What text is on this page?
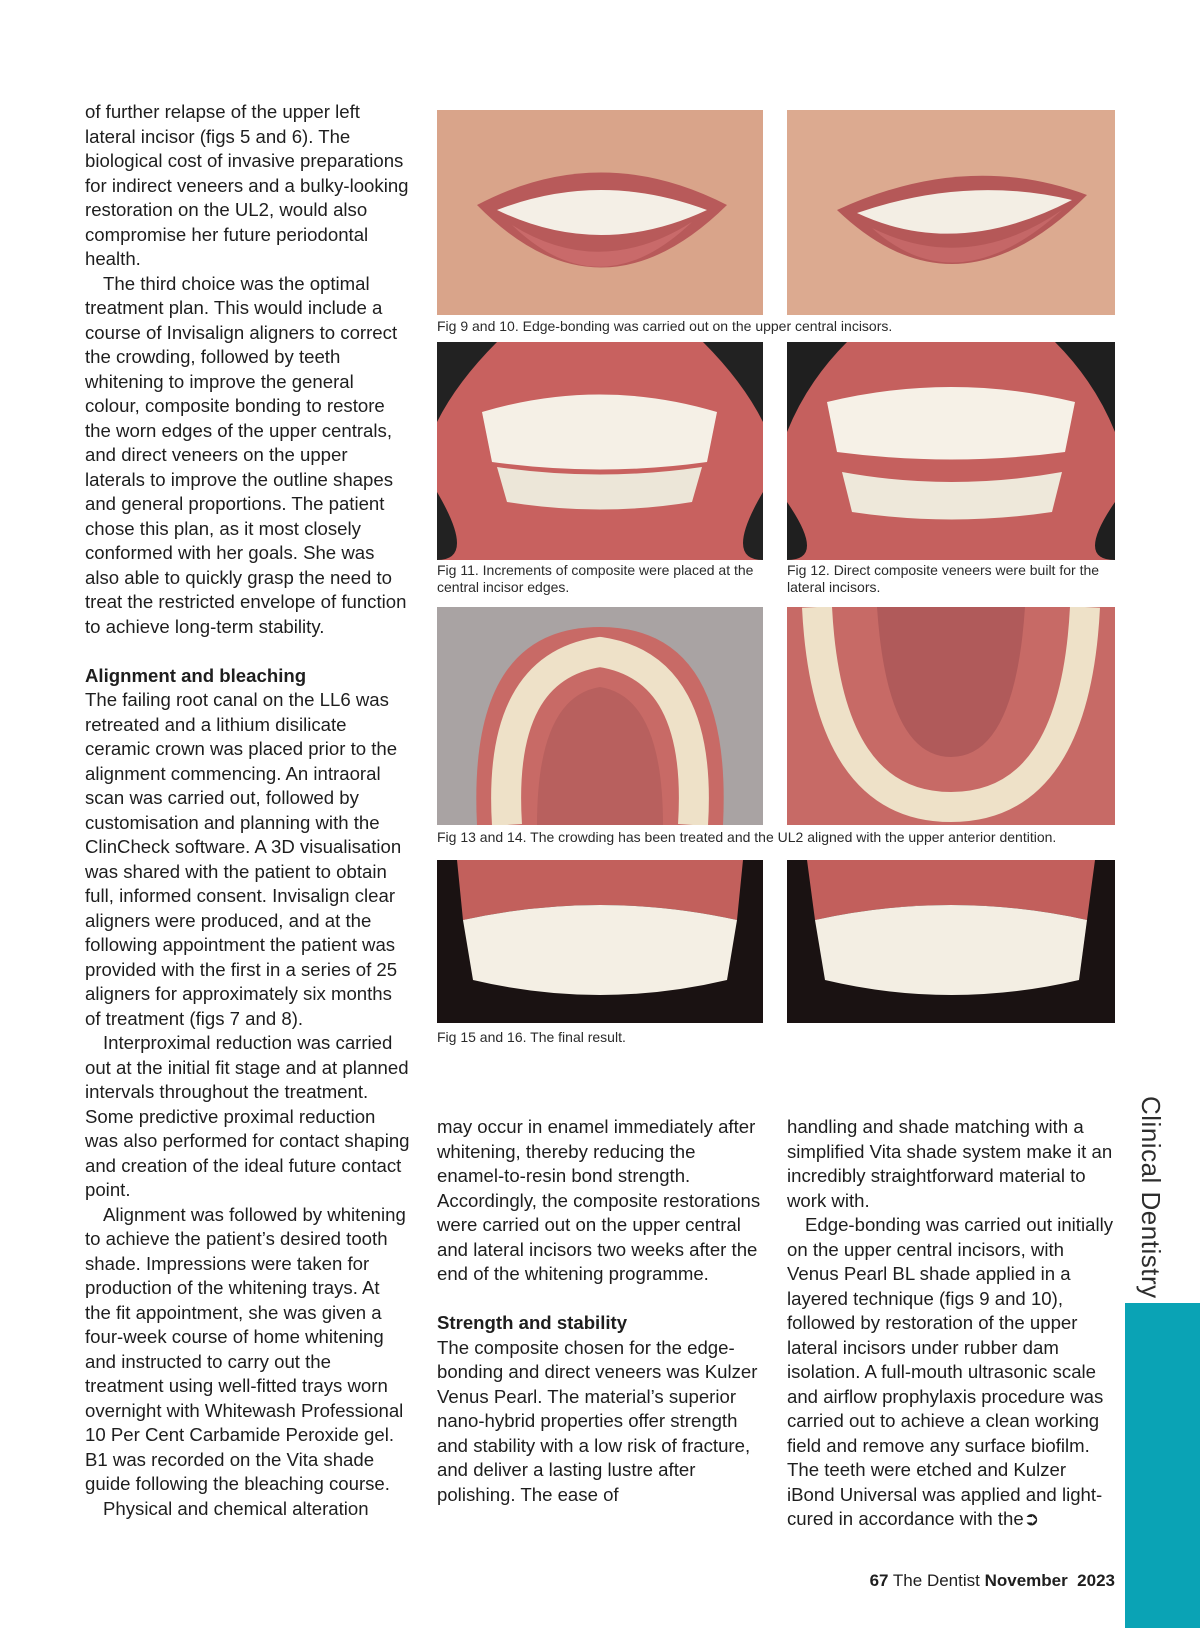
of further relapse of the upper left lateral incisor (figs 5 and 6). The biological cost of invasive preparations for indirect veneers and a bulky-looking restoration on the UL2, would also compromise her future periodontal health.

The third choice was the optimal treatment plan. This would include a course of Invisalign aligners to correct the crowding, followed by teeth whitening to improve the general colour, composite bonding to restore the worn edges of the upper centrals, and direct veneers on the upper laterals to improve the outline shapes and general proportions. The patient chose this plan, as it most closely conformed with her goals. She was also able to quickly grasp the need to treat the restricted envelope of function to achieve long-term stability.

Alignment and bleaching

The failing root canal on the LL6 was retreated and a lithium disilicate ceramic crown was placed prior to the alignment commencing. An intraoral scan was carried out, followed by customisation and planning with the ClinCheck software. A 3D visualisation was shared with the patient to obtain full, informed consent. Invisalign clear aligners were produced, and at the following appointment the patient was provided with the first in a series of 25 aligners for approximately six months of treatment (figs 7 and 8).

Interproximal reduction was carried out at the initial fit stage and at planned intervals throughout the treatment. Some predictive proximal reduction was also performed for contact shaping and creation of the ideal future contact point.

Alignment was followed by whitening to achieve the patient’s desired tooth shade. Impressions were taken for production of the whitening trays. At the fit appointment, she was given a four-week course of home whitening and instructed to carry out the treatment using well-fitted trays worn overnight with Whitewash Professional 10 Per Cent Carbamide Peroxide gel. B1 was recorded on the Vita shade guide following the bleaching course.

Physical and chemical alteration

Fig 9 and 10. Edge-bonding was carried out on the upper central incisors.
Fig 11. Increments of composite were placed at the central incisor edges.
Fig 12. Direct composite veneers were built for the lateral incisors.
Fig 13 and 14. The crowding has been treated and the UL2 aligned with the upper anterior dentition.
Fig 15 and 16. The final result.

may occur in enamel immediately after whitening, thereby reducing the enamel-to-resin bond strength. Accordingly, the composite restorations were carried out on the upper central and lateral incisors two weeks after the end of the whitening programme.

Strength and stability

The composite chosen for the edge-bonding and direct veneers was Kulzer Venus Pearl. The material’s superior nano-hybrid properties offer strength and stability with a low risk of fracture, and deliver a lasting lustre after polishing. The ease of

handling and shade matching with a simplified Vita shade system make it an incredibly straightforward material to work with.

Edge-bonding was carried out initially on the upper central incisors, with Venus Pearl BL shade applied in a layered technique (figs 9 and 10), followed by restoration of the upper lateral incisors under rubber dam isolation. A full-mouth ultrasonic scale and airflow prophylaxis procedure was carried out to achieve a clean working field and remove any surface biofilm. The teeth were etched and Kulzer iBond Universal was applied and light-cured in accordance with the➲

Clinical Dentistry
67 The Dentist November  2023
